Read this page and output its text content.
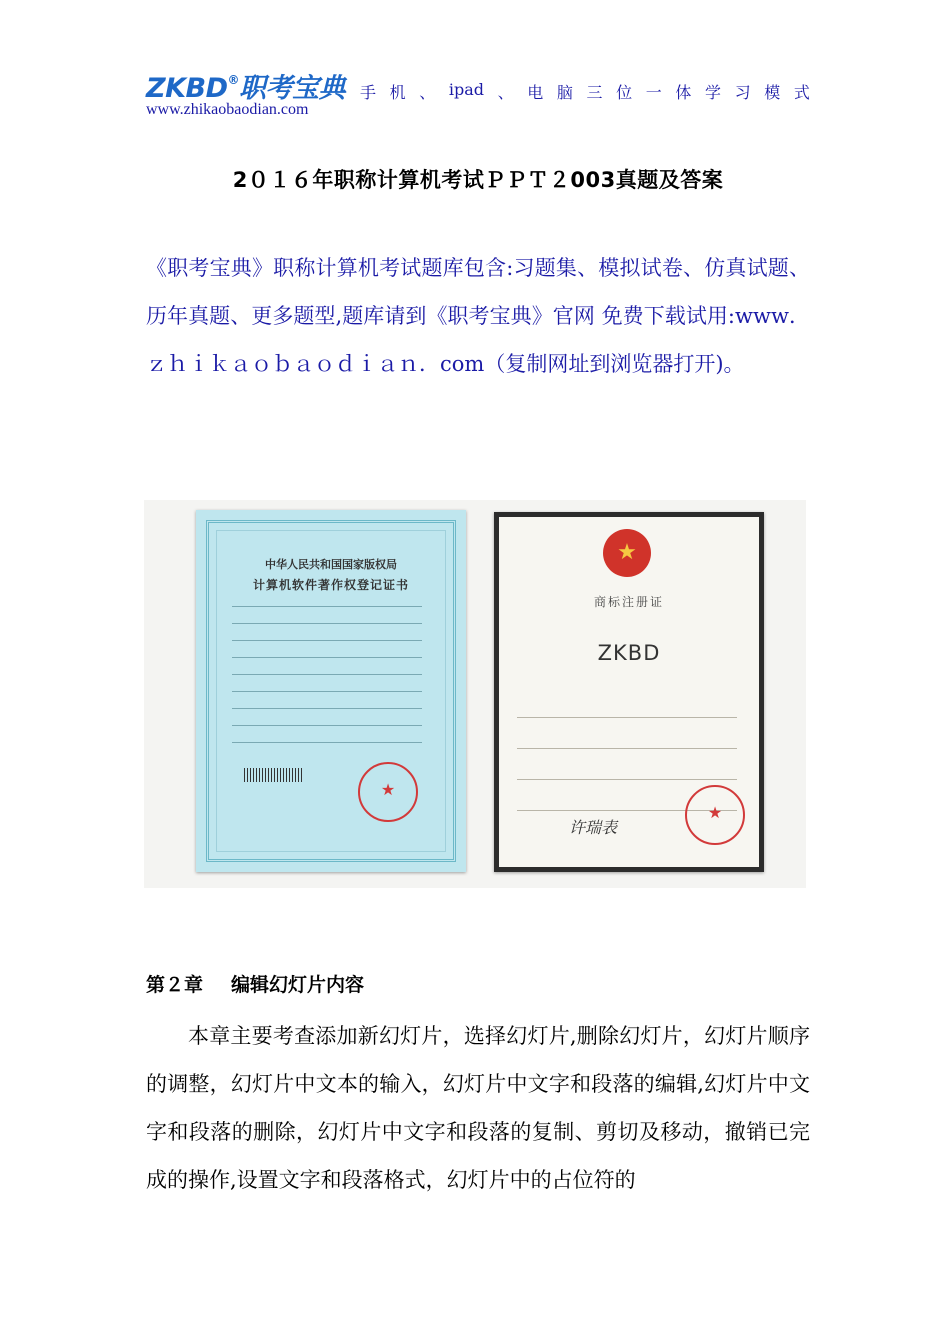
ZKBD®职考宝典 手 机 、 ipad 、 电 脑 三 位 一 体 学 习 模 式
www.zhikaobaodian.com
2０１６年职称计算机考试ＰＰＴ２003真题及答案
《职考宝典》职称计算机考试题库包含:习题集、模拟试卷、仿真试题、历年真题、更多题型,题库请到《职考宝典》官网 免费下载试用:www．ｚｈｉｋａｏｂａｏｄｉａｎ．com（复制网址到浏览器打开)。
中华人民共和国国家版权局
计算机软件著作权登记证书
★
★
商标注册证
ZKBD
许瑞表
★
第２章 编辑幻灯片内容
本章主要考查添加新幻灯片，选择幻灯片,删除幻灯片，幻灯片顺序的调整，幻灯片中文本的输入，幻灯片中文字和段落的编辑,幻灯片中文字和段落的删除，幻灯片中文字和段落的复制、剪切及移动，撤销已完成的操作,设置文字和段落格式，幻灯片中的占位符的
